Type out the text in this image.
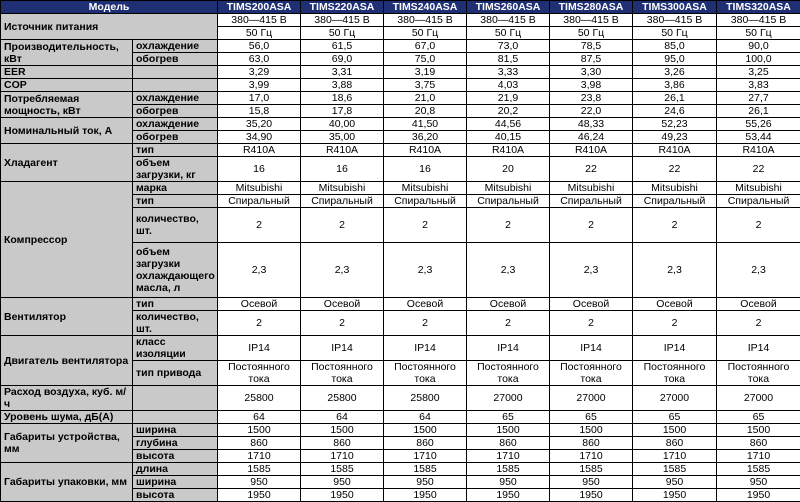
Модель		TIMS200ASA	TIMS220ASA	TIMS240ASA	TIMS260ASA	TIMS280ASA	TIMS300ASA	TIMS320ASA
Источник питания		380—415 В	380—415 В	380—415 В	380—415 В	380—415 В	380—415 В	380—415 В
		50 Гц	50 Гц	50 Гц	50 Гц	50 Гц	50 Гц	50 Гц
Производительность, кВт	охлаждение	56,0	61,5	67,0	73,0	78,5	85,0	90,0
	обогрев	63,0	69,0	75,0	81,5	87,5	95,0	100,0
EER		3,29	3,31	3,19	3,33	3,30	3,26	3,25
COP		3,99	3,88	3,75	4,03	3,98	3,86	3,83
Потребляемая мощность, кВт	охлаждение	17,0	18,6	21,0	21,9	23,8	26,1	27,7
	обогрев	15,8	17,8	20,8	20,2	22,0	24,6	26,1
Номинальный ток, А	охлаждение	35,20	40,00	41,50	44,56	48,33	52,23	55,26
	обогрев	34,90	35,00	36,20	40,15	46,24	49,23	53,44
Хладагент	тип	R410A	R410A	R410A	R410A	R410A	R410A	R410A
	объем загрузки, кг	16	16	16	20	22	22	22
Компрессор	марка	Mitsubishi	Mitsubishi	Mitsubishi	Mitsubishi	Mitsubishi	Mitsubishi	Mitsubishi
	тип	Спиральный	Спиральный	Спиральный	Спиральный	Спиральный	Спиральный	Спиральный
	количество, шт.	2	2	2	2	2	2	2
	объем загрузки охлаждающего масла, л	2,3	2,3	2,3	2,3	2,3	2,3	2,3
Вентилятор	тип	Осевой	Осевой	Осевой	Осевой	Осевой	Осевой	Осевой
	количество, шт.	2	2	2	2	2	2	2
Двигатель вентилятора	класс изоляции	IP14	IP14	IP14	IP14	IP14	IP14	IP14
	тип привода	Постоянного тока	Постоянного тока	Постоянного тока	Постоянного тока	Постоянного тока	Постоянного тока	Постоянного тока
Расход воздуха, куб. м/ч		25800	25800	25800	27000	27000	27000	27000
Уровень шума, дБ(А)		64	64	64	65	65	65	65
Габариты устройства, мм	ширина	1500	1500	1500	1500	1500	1500	1500
	глубина	860	860	860	860	860	860	860
	высота	1710	1710	1710	1710	1710	1710	1710
Габариты упаковки, мм	длина	1585	1585	1585	1585	1585	1585	1585
	ширина	950	950	950	950	950	950	950
	высота	1950	1950	1950	1950	1950	1950	1950
